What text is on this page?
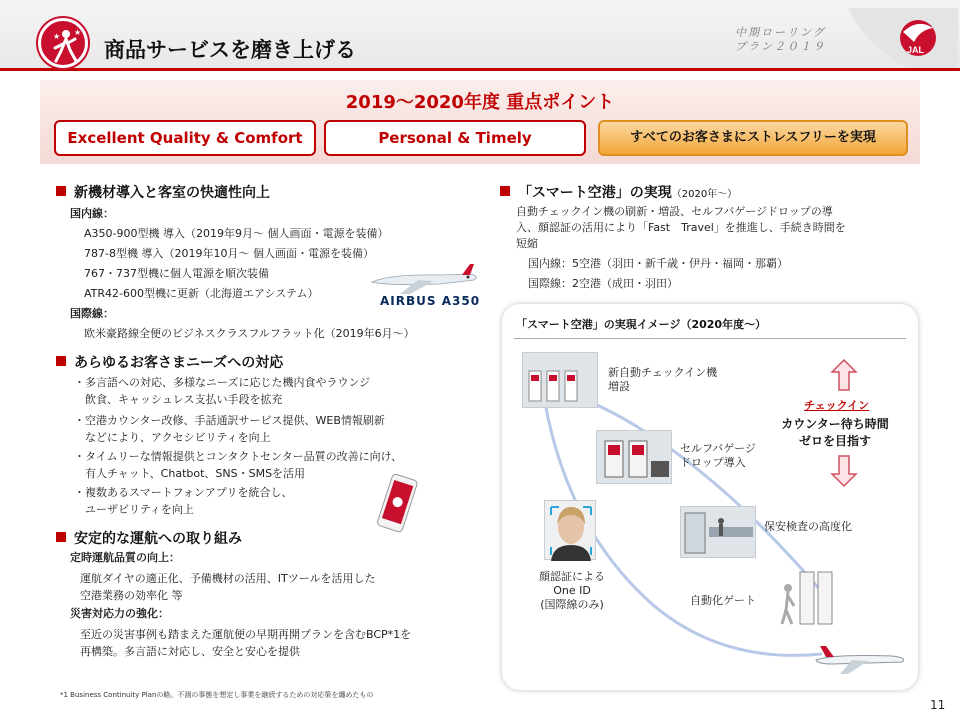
★ ★
商品サービスを磨き上げる
中期ローリング
プラン２０１９	JAL
2019～2020年度 重点ポイント
Excellent Quality & Comfort	Personal & Timely	すべてのお客さまにストレスフリーを実現
新機材導入と客室の快適性向上
国内線：
A350-900型機 導入（2019年9月～ 個人画面・電源を装備）
787-8型機 導入（2019年10月～ 個人画面・電源を装備）
767・737型機に個人電源を順次装備
ATR42-600型機に更新（北海道エアシステム）
国際線：
欧米豪路線全便のビジネスクラスフルフラット化（2019年6月～）
AIRBUS A350
あらゆるお客さまニーズへの対応
・多言語への対応、多様なニーズに応じた機内食やラウンジ
　飲食、キャッシュレス支払い手段を拡充
・空港カウンター改修、手話通訳サービス提供、WEB情報刷新
　などにより、アクセシビリティを向上
・タイムリーな情報提供とコンタクトセンター品質の改善に向け、
　有人チャット、Chatbot、SNS・SMSを活用
・複数あるスマートフォンアプリを統合し、
　ユーザビリティを向上
安定的な運航への取り組み
定時運航品質の向上：
運航ダイヤの適正化、予備機材の活用、ITツールを活用した
空港業務の効率化 等
災害対応力の強化：
至近の災害事例も踏まえた運航便の早期再開プランを含むBCP*1を
再構築。多言語に対応し、安全と安心を提供
「スマート空港」の実現（2020年～）
自動チェックイン機の刷新・増設、セルフバゲージドロップの導
入、顔認証の活用により「Fast　Travel」を推進し、手続き時間を
短縮
国内線：5空港（羽田・新千歳・伊丹・福岡・那覇）
国際線：2空港（成田・羽田）
「スマート空港」の実現イメージ（2020年度～）
新自動チェックイン機
増設
セルフバゲージ
ドロップ導入
保安検査の高度化
顔認証による
One ID
(国際線のみ)	自動化ゲート
チェックイン
カウンター待ち時間
ゼロを目指す
*1 Business Continuity Planの略。不測の事態を想定し事業を継続するための対応策を纏めたもの
11
